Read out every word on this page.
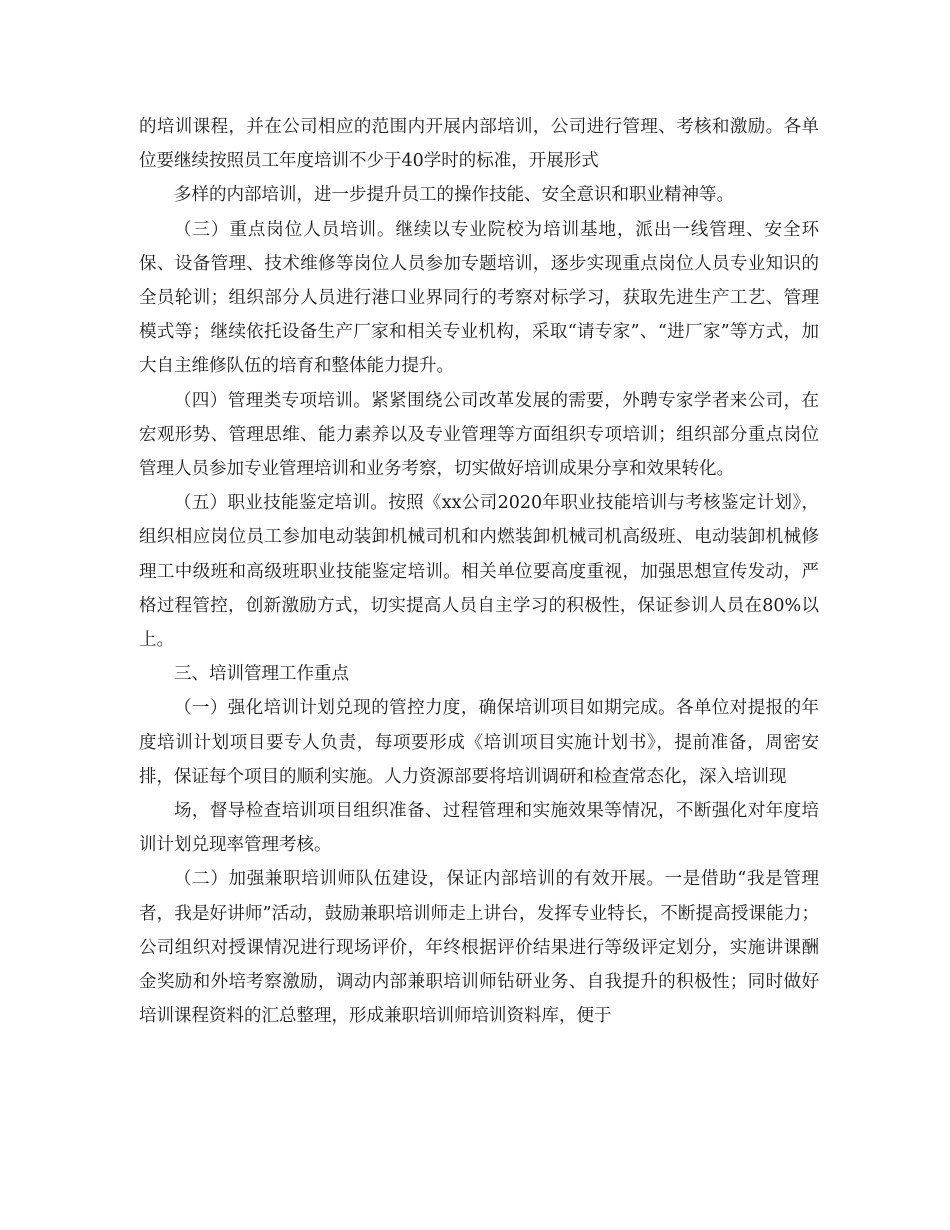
的培训课程，并在公司相应的范围内开展内部培训，公司进行管理、考核和激励。各单位要继续按照员工年度培训不少于40学时的标准，开展形式

多样的内部培训，进一步提升员工的操作技能、安全意识和职业精神等。

（三）重点岗位人员培训。继续以专业院校为培训基地，派出一线管理、安全环保、设备管理、技术维修等岗位人员参加专题培训，逐步实现重点岗位人员专业知识的全员轮训；组织部分人员进行港口业界同行的考察对标学习，获取先进生产工艺、管理模式等；继续依托设备生产厂家和相关专业机构，采取“请专家”、“进厂家”等方式，加大自主维修队伍的培育和整体能力提升。

（四）管理类专项培训。紧紧围绕公司改革发展的需要，外聘专家学者来公司，在宏观形势、管理思维、能力素养以及专业管理等方面组织专项培训；组织部分重点岗位管理人员参加专业管理培训和业务考察，切实做好培训成果分享和效果转化。

（五）职业技能鉴定培训。按照《xx公司2020年职业技能培训与考核鉴定计划》，组织相应岗位员工参加电动装卸机械司机和内燃装卸机械司机高级班、电动装卸机械修理工中级班和高级班职业技能鉴定培训。相关单位要高度重视，加强思想宣传发动，严格过程管控，创新激励方式，切实提高人员自主学习的积极性，保证参训人员在80%以上。

三、培训管理工作重点

（一）强化培训计划兑现的管控力度，确保培训项目如期完成。各单位对提报的年度培训计划项目要专人负责，每项要形成《培训项目实施计划书》，提前准备，周密安排，保证每个项目的顺利实施。人力资源部要将培训调研和检查常态化，深入培训现

场，督导检查培训项目组织准备、过程管理和实施效果等情况，不断强化对年度培训计划兑现率管理考核。

（二）加强兼职培训师队伍建设，保证内部培训的有效开展。一是借助“我是管理者，我是好讲师”活动，鼓励兼职培训师走上讲台，发挥专业特长，不断提高授课能力；公司组织对授课情况进行现场评价，年终根据评价结果进行等级评定划分，实施讲课酬金奖励和外培考察激励，调动内部兼职培训师钻研业务、自我提升的积极性；同时做好培训课程资料的汇总整理，形成兼职培训师培训资料库，便于
